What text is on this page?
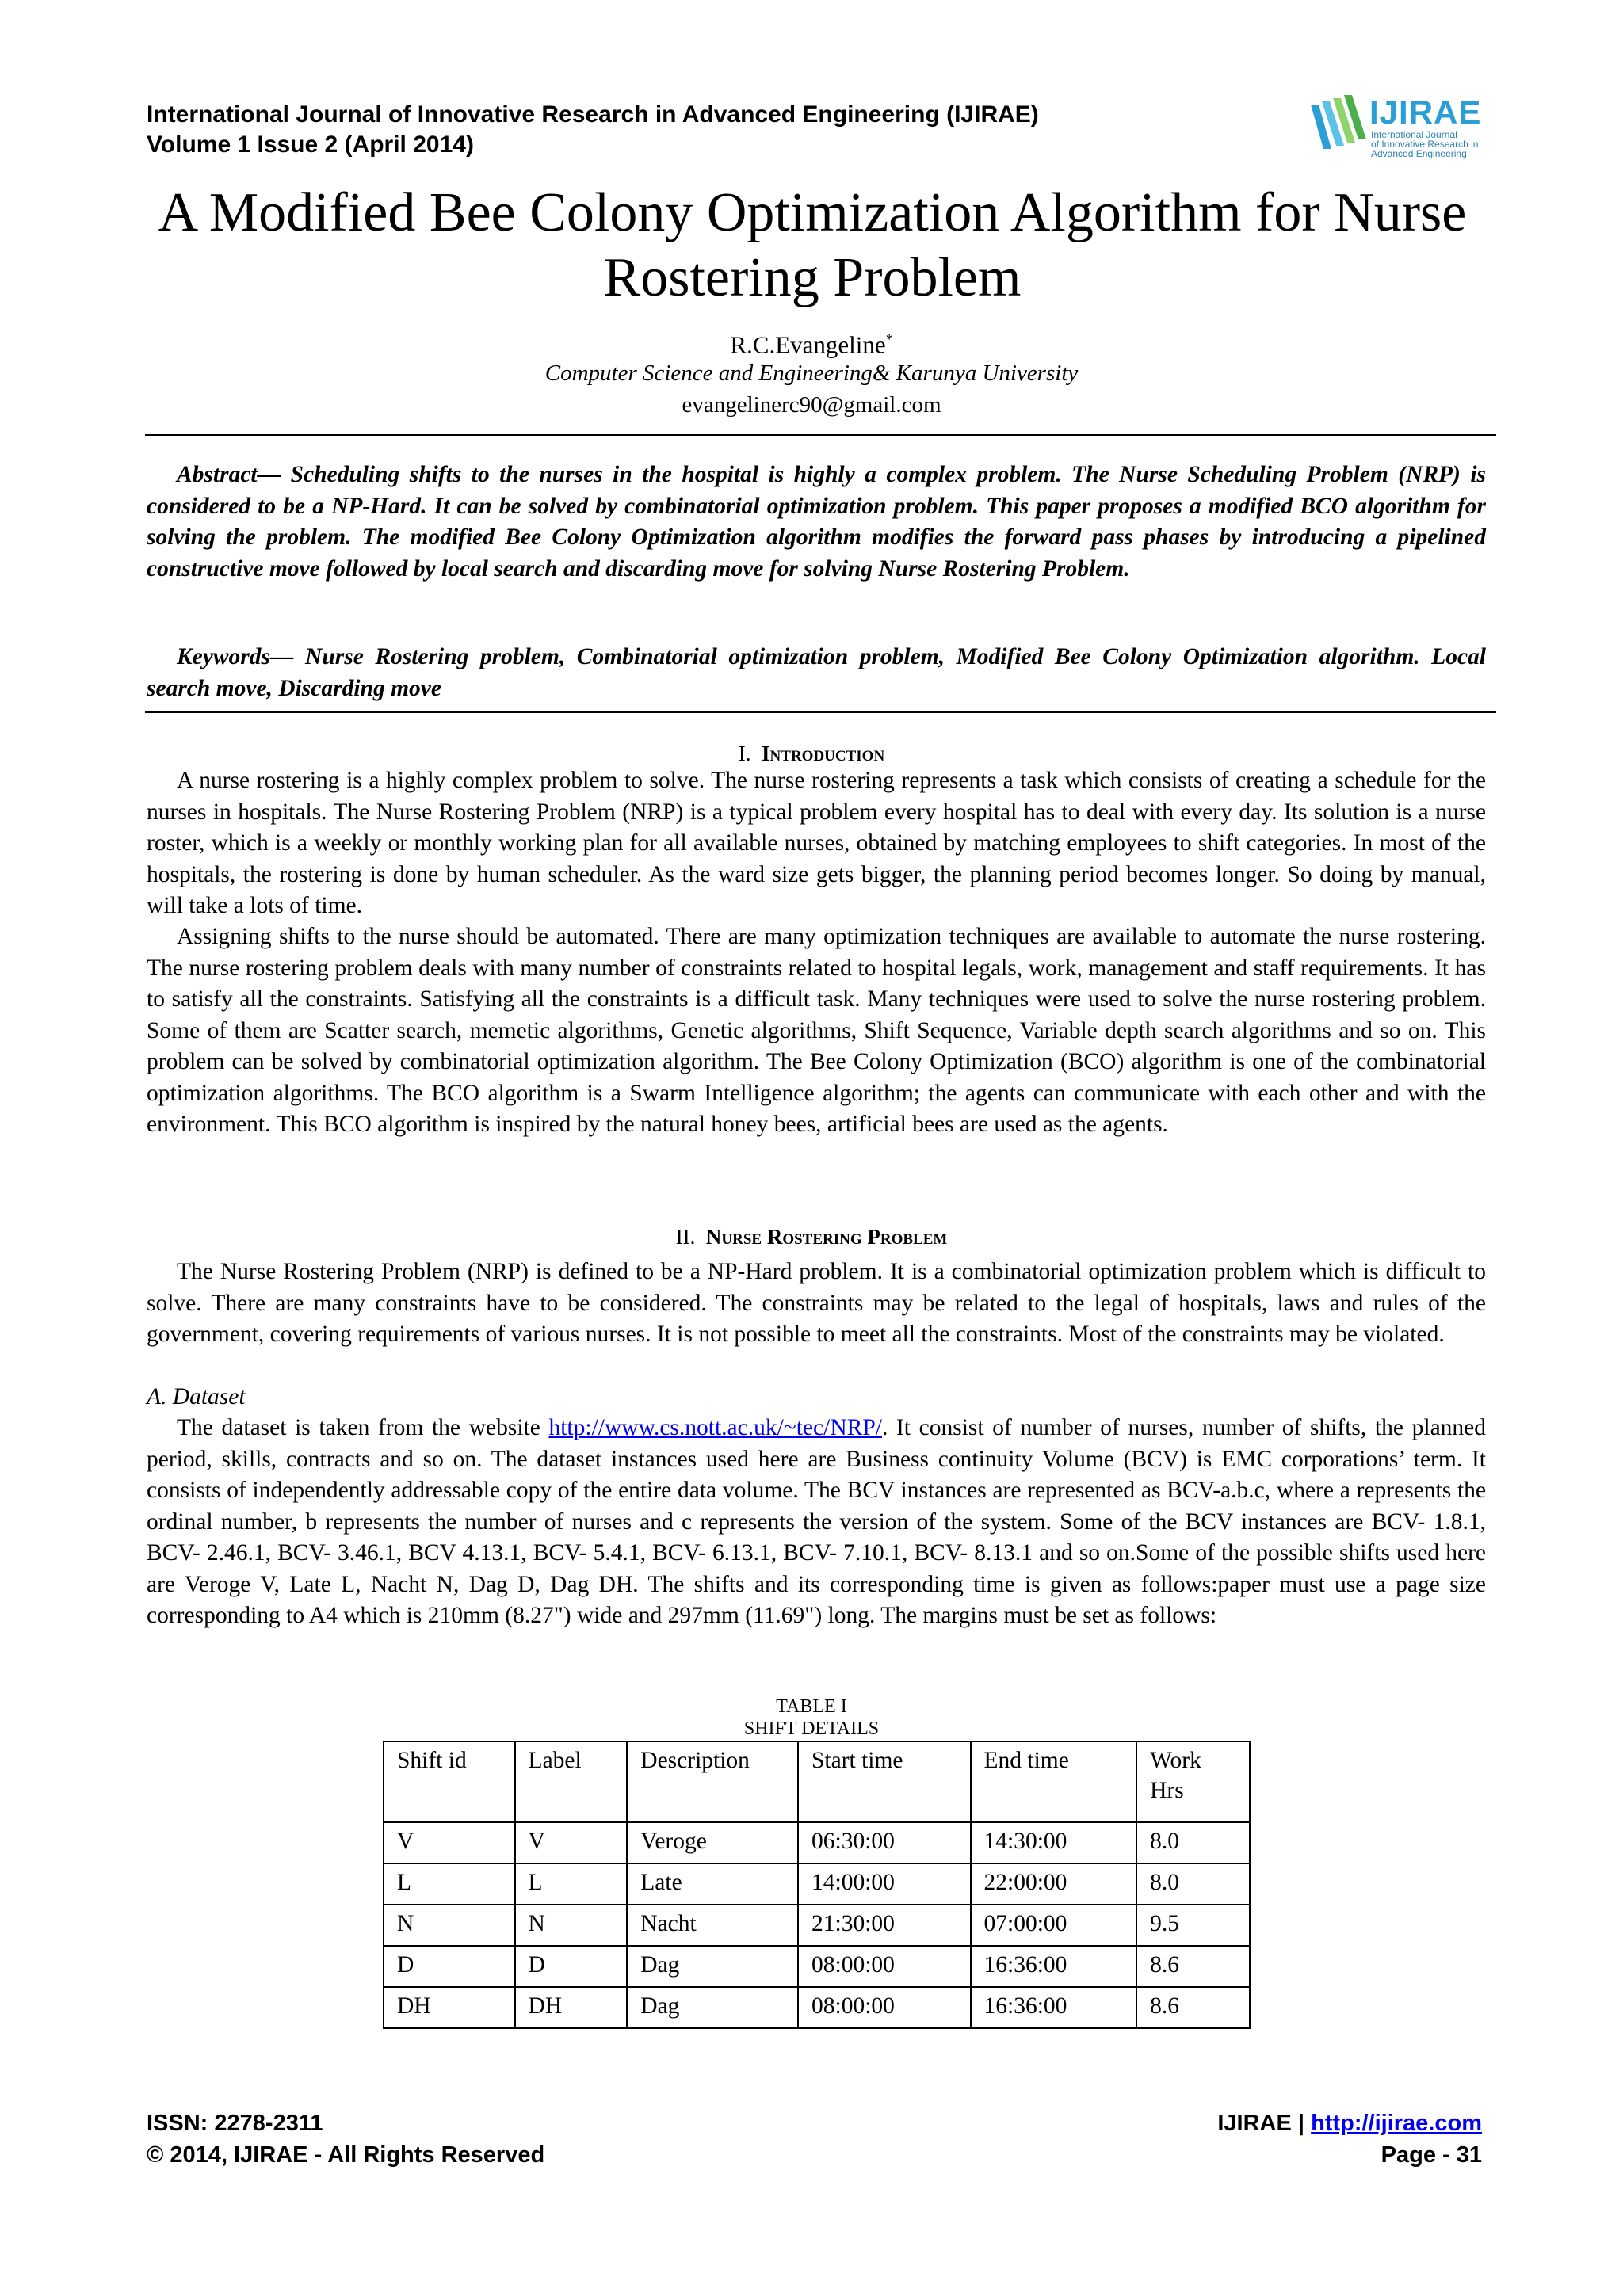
International Journal of Innovative Research in Advanced Engineering (IJIRAE)
Volume 1 Issue 2 (April 2014)
IJIRAE
International Journal
of Innovative Research in
Advanced Engineering
A Modified Bee Colony Optimization Algorithm for Nurse
Rostering Problem
R.C.Evangeline*
Computer Science and Engineering& Karunya University
evangelinerc90@gmail.com
Abstract— Scheduling shifts to the nurses in the hospital is highly a complex problem. The Nurse Scheduling Problem (NRP) is considered to be a NP-Hard. It can be solved by combinatorial optimization problem. This paper proposes a modified BCO algorithm for solving the problem. The modified Bee Colony Optimization algorithm modifies the forward pass phases by introducing a pipelined constructive move followed by local search and discarding move for solving Nurse Rostering Problem.
Keywords— Nurse Rostering problem, Combinatorial optimization problem, Modified Bee Colony Optimization algorithm. Local search move, Discarding move
I. Introduction
A nurse rostering is a highly complex problem to solve. The nurse rostering represents a task which consists of creating a schedule for the nurses in hospitals. The Nurse Rostering Problem (NRP) is a typical problem every hospital has to deal with every day. Its solution is a nurse roster, which is a weekly or monthly working plan for all available nurses, obtained by matching employees to shift categories. In most of the hospitals, the rostering is done by human scheduler. As the ward size gets bigger, the planning period becomes longer. So doing by manual, will take a lots of time.
Assigning shifts to the nurse should be automated. There are many optimization techniques are available to automate the nurse rostering. The nurse rostering problem deals with many number of constraints related to hospital legals, work, management and staff requirements. It has to satisfy all the constraints. Satisfying all the constraints is a difficult task. Many techniques were used to solve the nurse rostering problem. Some of them are Scatter search, memetic algorithms, Genetic algorithms, Shift Sequence, Variable depth search algorithms and so on. This problem can be solved by combinatorial optimization algorithm. The Bee Colony Optimization (BCO) algorithm is one of the combinatorial optimization algorithms. The BCO algorithm is a Swarm Intelligence algorithm; the agents can communicate with each other and with the environment. This BCO algorithm is inspired by the natural honey bees, artificial bees are used as the agents.
II. Nurse Rostering Problem
The Nurse Rostering Problem (NRP) is defined to be a NP-Hard problem. It is a combinatorial optimization problem which is difficult to solve. There are many constraints have to be considered. The constraints may be related to the legal of hospitals, laws and rules of the government, covering requirements of various nurses. It is not possible to meet all the constraints. Most of the constraints may be violated.
A. Dataset
The dataset is taken from the website http://www.cs.nott.ac.uk/~tec/NRP/. It consist of number of nurses, number of shifts, the planned period, skills, contracts and so on. The dataset instances used here are Business continuity Volume (BCV) is EMC corporations’ term. It consists of independently addressable copy of the entire data volume. The BCV instances are represented as BCV-a.b.c, where a represents the ordinal number, b represents the number of nurses and c represents the version of the system. Some of the BCV instances are BCV- 1.8.1, BCV- 2.46.1, BCV- 3.46.1, BCV 4.13.1, BCV- 5.4.1, BCV- 6.13.1, BCV- 7.10.1, BCV- 8.13.1 and so on.Some of the possible shifts used here are Veroge V, Late L, Nacht N, Dag D, Dag DH. The shifts and its corresponding time is given as follows:paper must use a page size corresponding to A4 which is 210mm (8.27") wide and 297mm (11.69") long. The margins must be set as follows:
TABLE I
SHIFT DETAILS
Shift id	Label	Description	Start time	End time	Work Hrs
V	V	Veroge	06:30:00	14:30:00	8.0
L	L	Late	14:00:00	22:00:00	8.0
N	N	Nacht	21:30:00	07:00:00	9.5
D	D	Dag	08:00:00	16:36:00	8.6
DH	DH	Dag	08:00:00	16:36:00	8.6
ISSN: 2278-2311
© 2014, IJIRAE - All Rights Reserved
IJIRAE | http://ijirae.com
Page - 31
